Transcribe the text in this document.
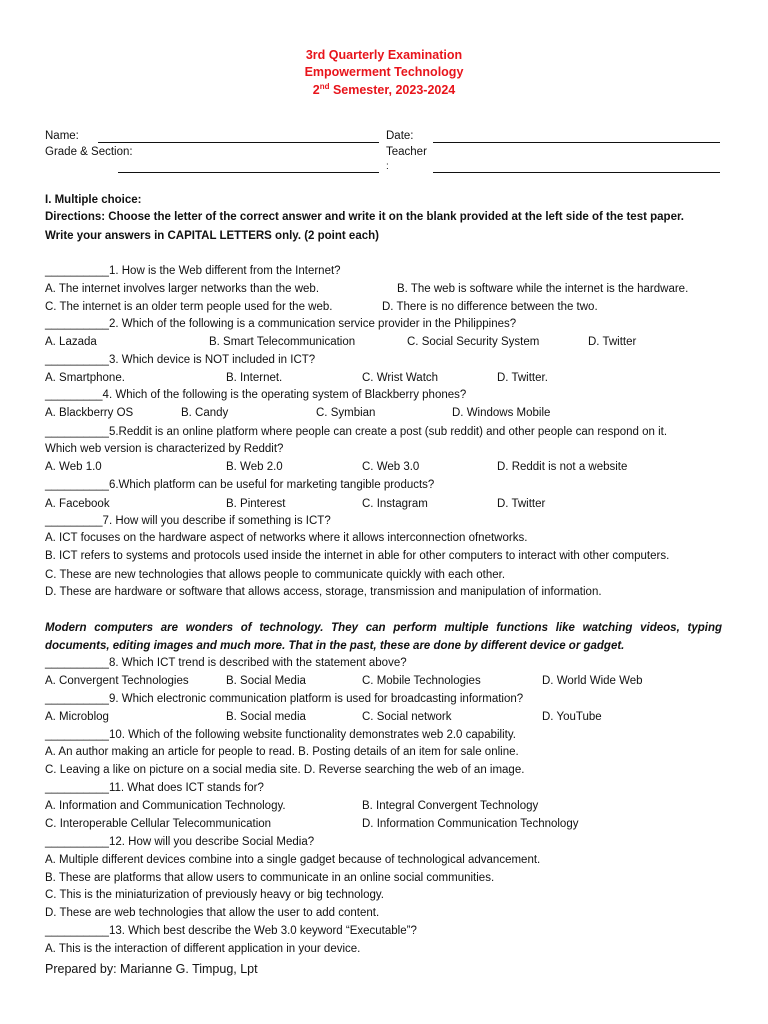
3rd Quarterly Examination
Empowerment Technology
2nd Semester, 2023-2024
Name:	Date:
Grade & Section:	Teacher
:
I. Multiple choice:
Directions: Choose the letter of the correct answer and write it on the blank provided at the left side of the test paper.
Write your answers in CAPITAL LETTERS only. (2 point each)
__________1. How is the Web different from the Internet?
A. The internet involves larger networks than the web.	B. The web is software while the internet is the hardware.
C. The internet is an older term people used for the web.	D. There is no difference between the two.
__________2. Which of the following is a communication service provider in the Philippines?
A. Lazada	B. Smart Telecommunication	C. Social Security System	D. Twitter
__________3. Which device is NOT included in ICT?
A. Smartphone.	B. Internet.	C. Wrist Watch	D. Twitter.
_________4. Which of the following is the operating system of Blackberry phones?
A. Blackberry OS	B. Candy	C. Symbian	D. Windows Mobile
__________5.Reddit is an online platform where people can create a post (sub reddit) and other people can respond on it.
Which web version is characterized by Reddit?
A. Web 1.0	B. Web 2.0	C. Web 3.0	D. Reddit is not a website
__________6.Which platform can be useful for marketing tangible products?
A. Facebook	B. Pinterest	C. Instagram	D. Twitter
_________7. How will you describe if something is ICT?
A. ICT focuses on the hardware aspect of networks where it allows interconnection ofnetworks.
B. ICT refers to systems and protocols used inside the internet in able for other computers to interact with other computers.
C. These are new technologies that allows people to communicate quickly with each other.
D. These are hardware or software that allows access, storage, transmission and manipulation of information.
Modern computers are wonders of technology. They can perform multiple functions like watching videos, typing
documents, editing images and much more. That in the past, these are done by different device or gadget.
__________8. Which ICT trend is described with the statement above?
A. Convergent Technologies	B. Social Media	C. Mobile Technologies	D. World Wide Web
__________9. Which electronic communication platform is used for broadcasting information?
A. Microblog	B. Social media	C. Social network	D. YouTube
__________10. Which of the following website functionality demonstrates web 2.0 capability.
A. An author making an article for people to read. B. Posting details of an item for sale online.
C. Leaving a like on picture on a social media site. D. Reverse searching the web of an image.
__________11. What does ICT stands for?
A. Information and Communication Technology.	B. Integral Convergent Technology
C. Interoperable Cellular Telecommunication	D. Information Communication Technology
__________12. How will you describe Social Media?
A. Multiple different devices combine into a single gadget because of technological advancement.
B. These are platforms that allow users to communicate in an online social communities.
C. This is the miniaturization of previously heavy or big technology.
D. These are web technologies that allow the user to add content.
__________13. Which best describe the Web 3.0 keyword “Executable”?
A. This is the interaction of different application in your device.
Prepared by: Marianne G. Timpug, Lpt
